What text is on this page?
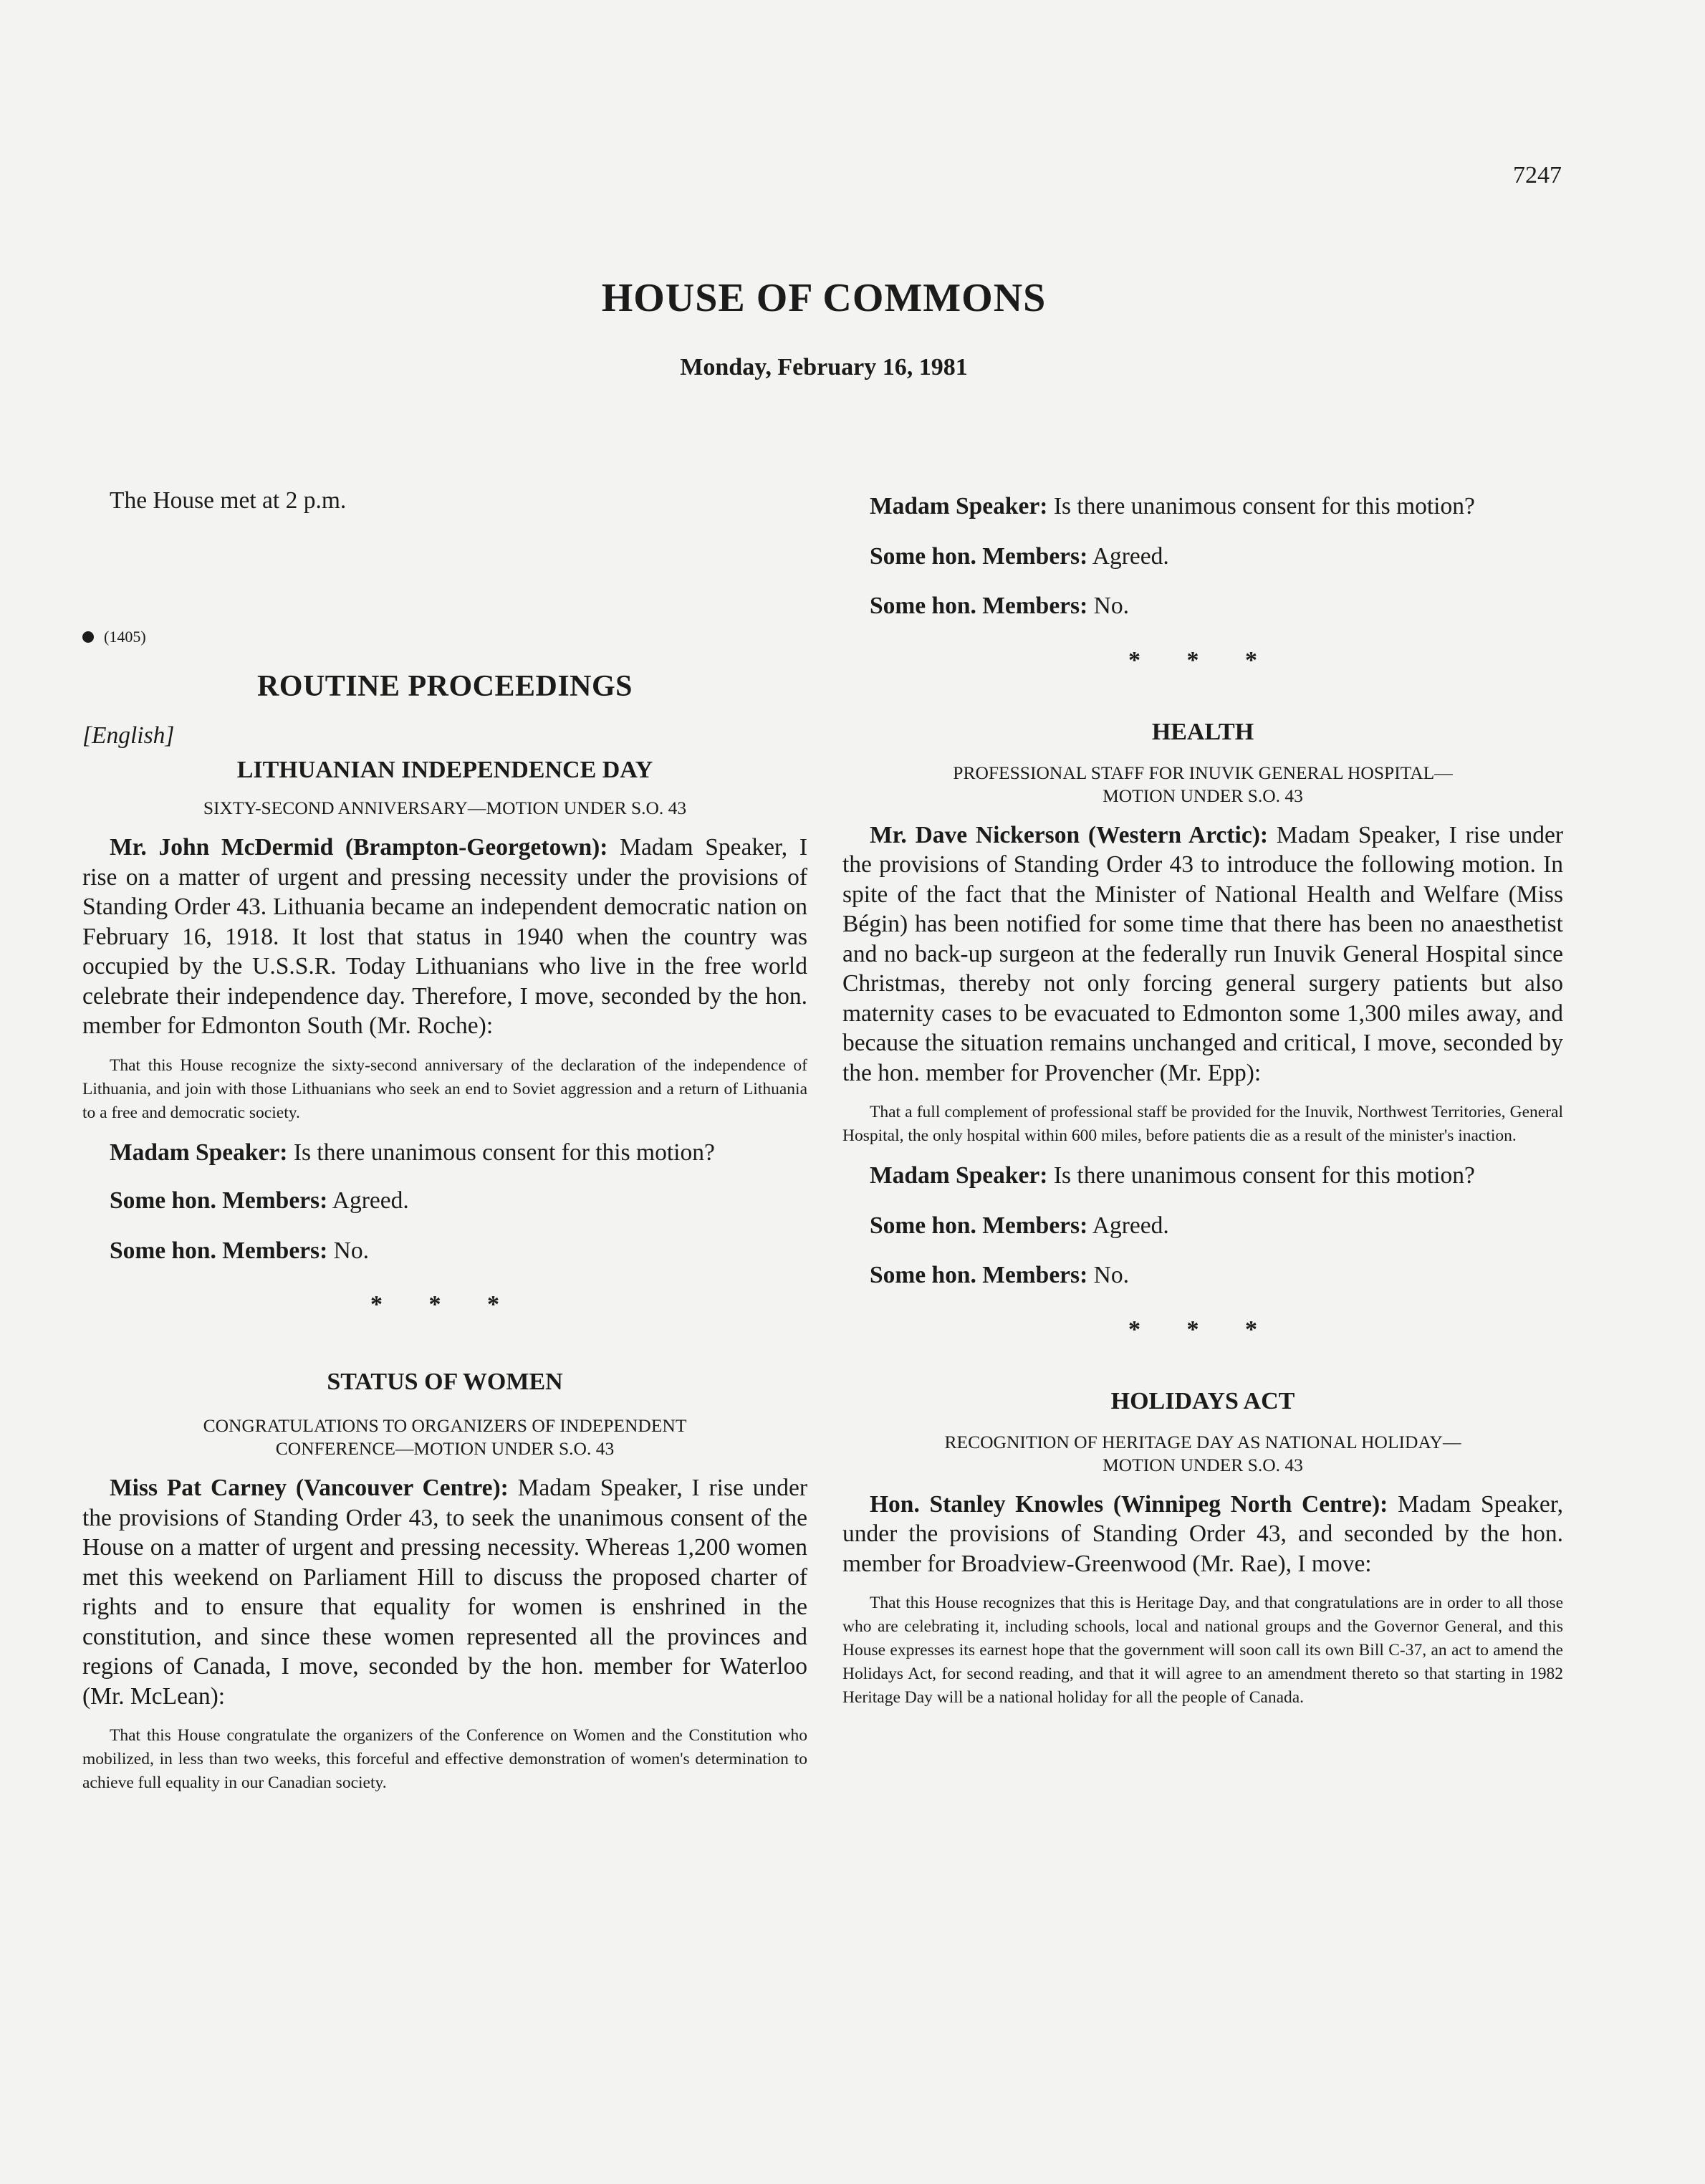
7247
HOUSE OF COMMONS
Monday, February 16, 1981

The House met at 2 p.m.

(1405)
ROUTINE PROCEEDINGS
[English]
LITHUANIAN INDEPENDENCE DAY
SIXTY-SECOND ANNIVERSARY—MOTION UNDER S.O. 43

Mr. John McDermid (Brampton-Georgetown): Madam Speaker, I rise on a matter of urgent and pressing necessity under the provisions of Standing Order 43. Lithuania became an independent democratic nation on February 16, 1918. It lost that status in 1940 when the country was occupied by the U.S.S.R. Today Lithuanians who live in the free world celebrate their independence day. Therefore, I move, seconded by the hon. member for Edmonton South (Mr. Roche):

That this House recognize the sixty-second anniversary of the declaration of the independence of Lithuania, and join with those Lithuanians who seek an end to Soviet aggression and a return of Lithuania to a free and democratic society.

Madam Speaker: Is there unanimous consent for this motion?

Some hon. Members: Agreed.

Some hon. Members: No.

* * *
STATUS OF WOMEN
CONGRATULATIONS TO ORGANIZERS OF INDEPENDENT
CONFERENCE—MOTION UNDER S.O. 43

Miss Pat Carney (Vancouver Centre): Madam Speaker, I rise under the provisions of Standing Order 43, to seek the unanimous consent of the House on a matter of urgent and pressing necessity. Whereas 1,200 women met this weekend on Parliament Hill to discuss the proposed charter of rights and to ensure that equality for women is enshrined in the constitution, and since these women represented all the provinces and regions of Canada, I move, seconded by the hon. member for Waterloo (Mr. McLean):

That this House congratulate the organizers of the Conference on Women and the Constitution who mobilized, in less than two weeks, this forceful and effective demonstration of women's determination to achieve full equality in our Canadian society.

Madam Speaker: Is there unanimous consent for this motion?

Some hon. Members: Agreed.

Some hon. Members: No.

* * *
HEALTH
PROFESSIONAL STAFF FOR INUVIK GENERAL HOSPITAL—
MOTION UNDER S.O. 43

Mr. Dave Nickerson (Western Arctic): Madam Speaker, I rise under the provisions of Standing Order 43 to introduce the following motion. In spite of the fact that the Minister of National Health and Welfare (Miss Bégin) has been notified for some time that there has been no anaesthetist and no back-up surgeon at the federally run Inuvik General Hospital since Christmas, thereby not only forcing general surgery patients but also maternity cases to be evacuated to Edmonton some 1,300 miles away, and because the situation remains unchanged and critical, I move, seconded by the hon. member for Provencher (Mr. Epp):

That a full complement of professional staff be provided for the Inuvik, Northwest Territories, General Hospital, the only hospital within 600 miles, before patients die as a result of the minister's inaction.

Madam Speaker: Is there unanimous consent for this motion?

Some hon. Members: Agreed.

Some hon. Members: No.

* * *
HOLIDAYS ACT
RECOGNITION OF HERITAGE DAY AS NATIONAL HOLIDAY—
MOTION UNDER S.O. 43

Hon. Stanley Knowles (Winnipeg North Centre): Madam Speaker, under the provisions of Standing Order 43, and seconded by the hon. member for Broadview-Greenwood (Mr. Rae), I move:

That this House recognizes that this is Heritage Day, and that congratulations are in order to all those who are celebrating it, including schools, local and national groups and the Governor General, and this House expresses its earnest hope that the government will soon call its own Bill C-37, an act to amend the Holidays Act, for second reading, and that it will agree to an amendment thereto so that starting in 1982 Heritage Day will be a national holiday for all the people of Canada.
